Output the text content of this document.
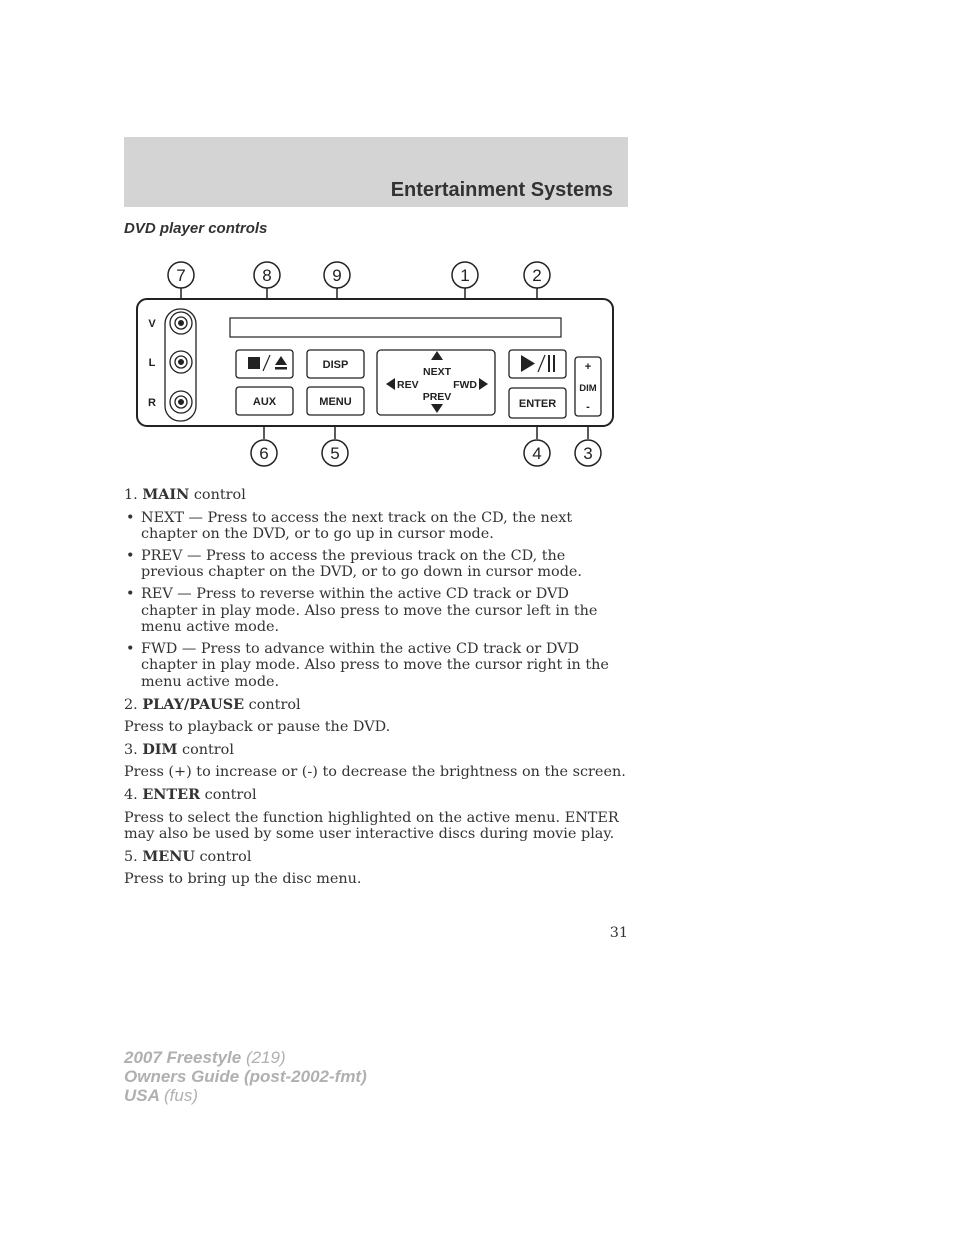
Entertainment Systems
DVD player controls
7	8	9	1	2
6	5	4 3
V
L
R
DISP
AUX	MENU
NEXT
PREV
REV	FWD
ENTER
+
DIM
-

1. MAIN control

• NEXT — Press to access the next track on the CD, the next chapter on the DVD, or to go up in cursor mode.
• PREV — Press to access the previous track on the CD, the previous chapter on the DVD, or to go down in cursor mode.
• REV — Press to reverse within the active CD track or DVD chapter in play mode. Also press to move the cursor left in the menu active mode.
• FWD — Press to advance within the active CD track or DVD chapter in play mode. Also press to move the cursor right in the menu active mode.

2. PLAY/PAUSE control

Press to playback or pause the DVD.

3. DIM control

Press (+) to increase or (-) to decrease the brightness on the screen.

4. ENTER control

Press to select the function highlighted on the active menu. ENTER may also be used by some user interactive discs during movie play.

5. MENU control

Press to bring up the disc menu.

31
2007 Freestyle (219)
Owners Guide (post-2002-fmt)
USA (fus)
